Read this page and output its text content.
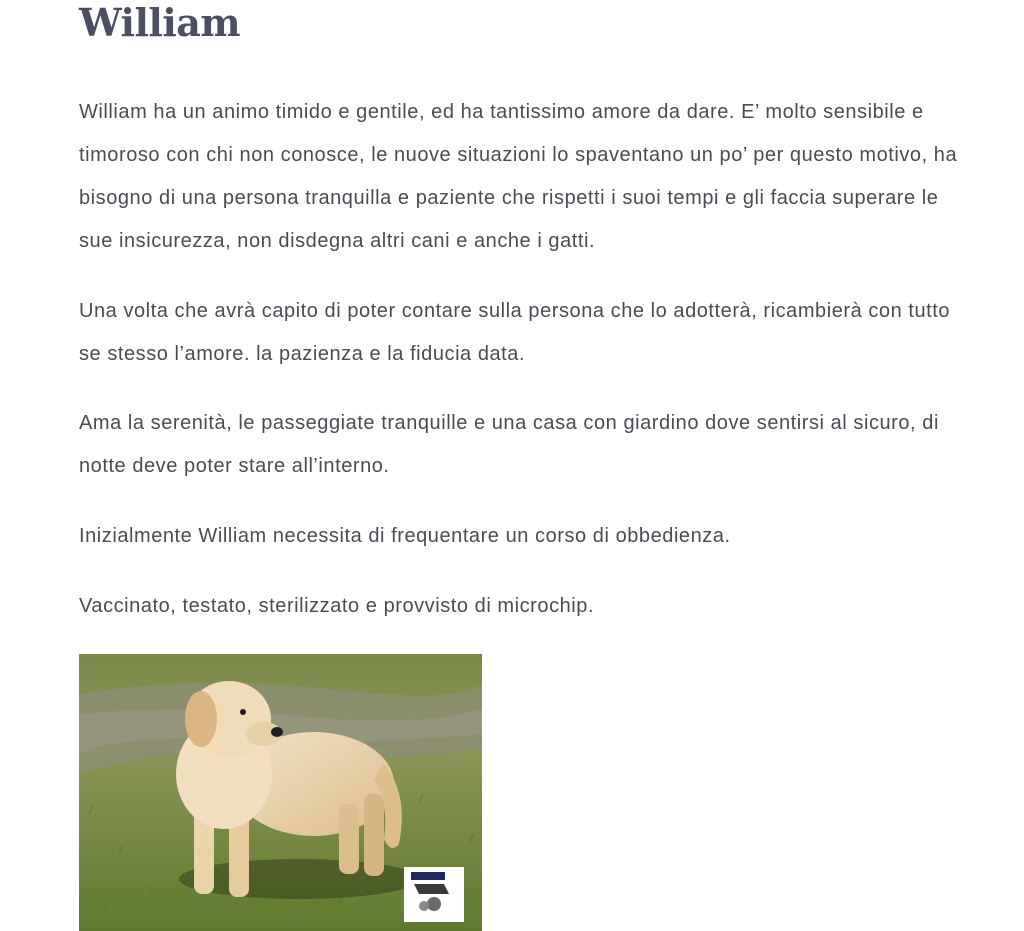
William

William ha un animo timido e gentile, ed ha tantissimo amore da dare. E’ molto sensibile e timoroso con chi non conosce, le nuove situazioni lo spaventano un po’ per questo motivo, ha bisogno di una persona tranquilla e paziente che rispetti i suoi tempi e gli faccia superare le sue insicurezza, non disdegna altri cani e anche i gatti.

Una volta che avrà capito di poter contare sulla persona che lo adotterà, ricambierà con tutto se stesso l’amore. la pazienza e la fiducia data.

Ama la serenità, le passeggiate tranquille e una casa con giardino dove sentirsi al sicuro, di notte deve poter stare all’interno.

Inizialmente William necessita di frequentare un corso di obbedienza.

Vaccinato, testato, sterilizzato e provvisto di microchip.
